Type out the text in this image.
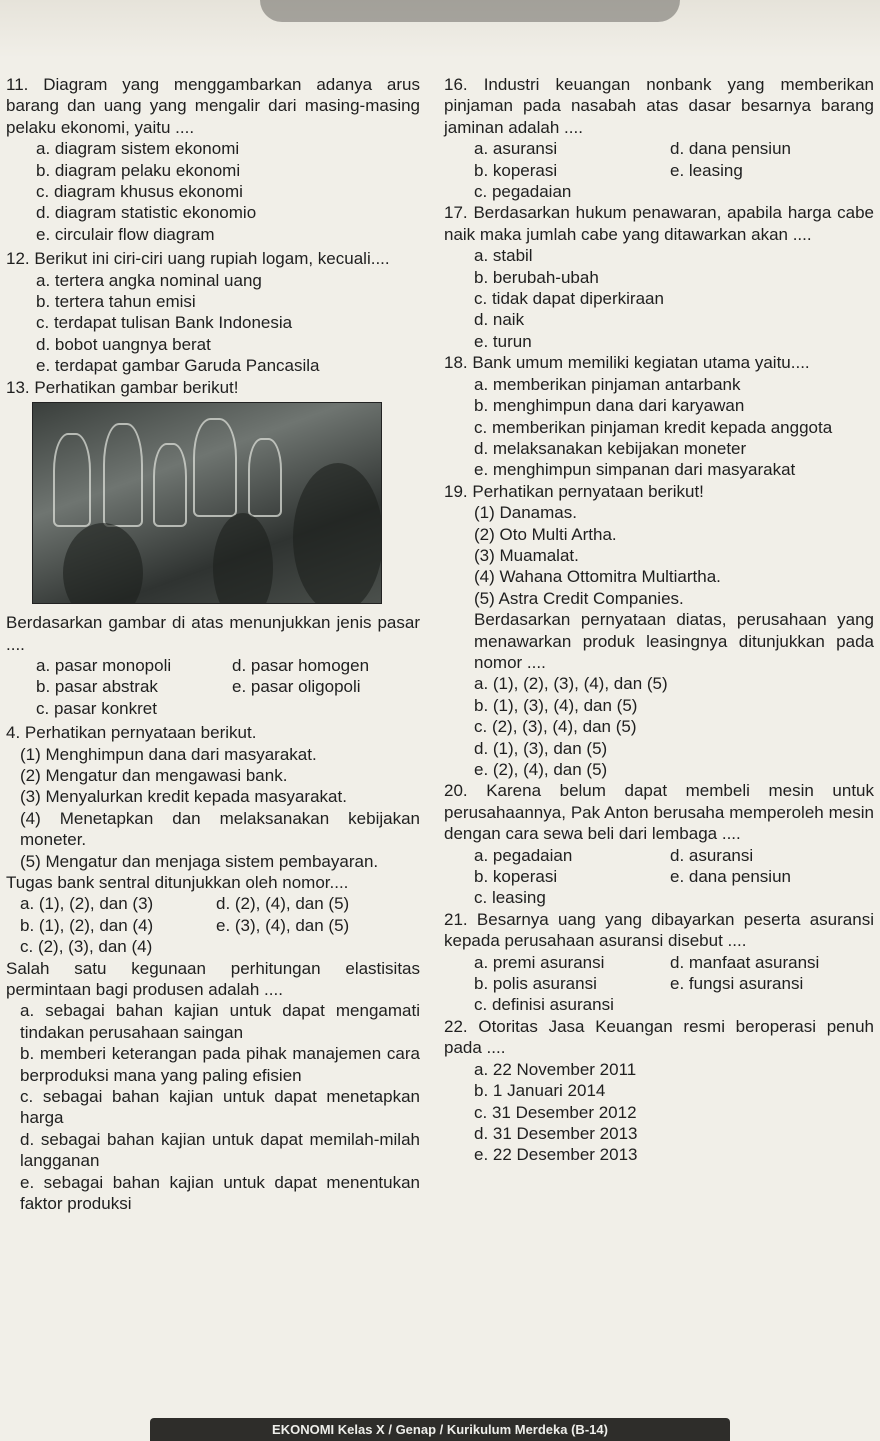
11. Diagram yang menggambarkan adanya arus barang dan uang yang mengalir dari masing-masing pelaku ekonomi, yaitu ....
a. diagram sistem ekonomi
b. diagram pelaku ekonomi
c. diagram khusus ekonomi
d. diagram statistic ekonomio
e. circulair flow diagram
12. Berikut ini ciri-ciri uang rupiah logam, kecuali....
a. tertera angka nominal uang
b. tertera tahun emisi
c. terdapat tulisan Bank Indonesia
d. bobot uangnya berat
e. terdapat gambar Garuda Pancasila
13. Perhatikan gambar berikut!
Berdasarkan gambar di atas menunjukkan jenis pasar ....
a. pasar monopoli	d. pasar homogen
b. pasar abstrak	e. pasar oligopoli
c. pasar konkret
4. Perhatikan pernyataan berikut.
(1) Menghimpun dana dari masyarakat.
(2) Mengatur dan mengawasi bank.
(3) Menyalurkan kredit kepada masyarakat.
(4) Menetapkan dan melaksanakan kebijakan moneter.
(5) Mengatur dan menjaga sistem pembayaran.
Tugas bank sentral ditunjukkan oleh nomor....
a. (1), (2), dan (3)	d. (2), (4), dan (5)
b. (1), (2), dan (4)	e. (3), (4), dan (5)
c. (2), (3), dan (4)
Salah satu kegunaan perhitungan elastisitas permintaan bagi produsen adalah ....
a. sebagai bahan kajian untuk dapat mengamati tindakan perusahaan saingan
b. memberi keterangan pada pihak manajemen cara berproduksi mana yang paling efisien
c. sebagai bahan kajian untuk dapat menetapkan harga
d. sebagai bahan kajian untuk dapat memilah-milah langganan
e. sebagai bahan kajian untuk dapat menentukan faktor produksi
16. Industri keuangan nonbank yang memberikan pinjaman pada nasabah atas dasar besarnya barang jaminan adalah ....
a. asuransi	d. dana pensiun
b. koperasi	e. leasing
c. pegadaian
17. Berdasarkan hukum penawaran, apabila harga cabe naik maka jumlah cabe yang ditawarkan akan ....
a. stabil
b. berubah-ubah
c. tidak dapat diperkiraan
d. naik
e. turun
18. Bank umum memiliki kegiatan utama yaitu....
a. memberikan pinjaman antarbank
b. menghimpun dana dari karyawan
c. memberikan pinjaman kredit kepada anggota
d. melaksanakan kebijakan moneter
e. menghimpun simpanan dari masyarakat
19. Perhatikan pernyataan berikut!
(1) Danamas.
(2) Oto Multi Artha.
(3) Muamalat.
(4) Wahana Ottomitra Multiartha.
(5) Astra Credit Companies.
Berdasarkan pernyataan diatas, perusahaan yang menawarkan produk leasingnya ditunjukkan pada nomor ....
a. (1), (2), (3), (4), dan (5)
b. (1), (3), (4), dan (5)
c. (2), (3), (4), dan (5)
d. (1), (3), dan (5)
e. (2), (4), dan (5)
20. Karena belum dapat membeli mesin untuk perusahaannya, Pak Anton berusaha memperoleh mesin dengan cara sewa beli dari lembaga ....
a. pegadaian	d. asuransi
b. koperasi	e. dana pensiun
c. leasing
21. Besarnya uang yang dibayarkan peserta asuransi kepada perusahaan asuransi disebut ....
a. premi asuransi	d. manfaat asuransi
b. polis asuransi	e. fungsi asuransi
c. definisi asuransi
22. Otoritas Jasa Keuangan resmi beroperasi penuh pada ....
a. 22 November 2011
b. 1 Januari 2014
c. 31 Desember 2012
d. 31 Desember 2013
e. 22 Desember 2013
EKONOMI Kelas X / Genap / Kurikulum Merdeka (B-14)
